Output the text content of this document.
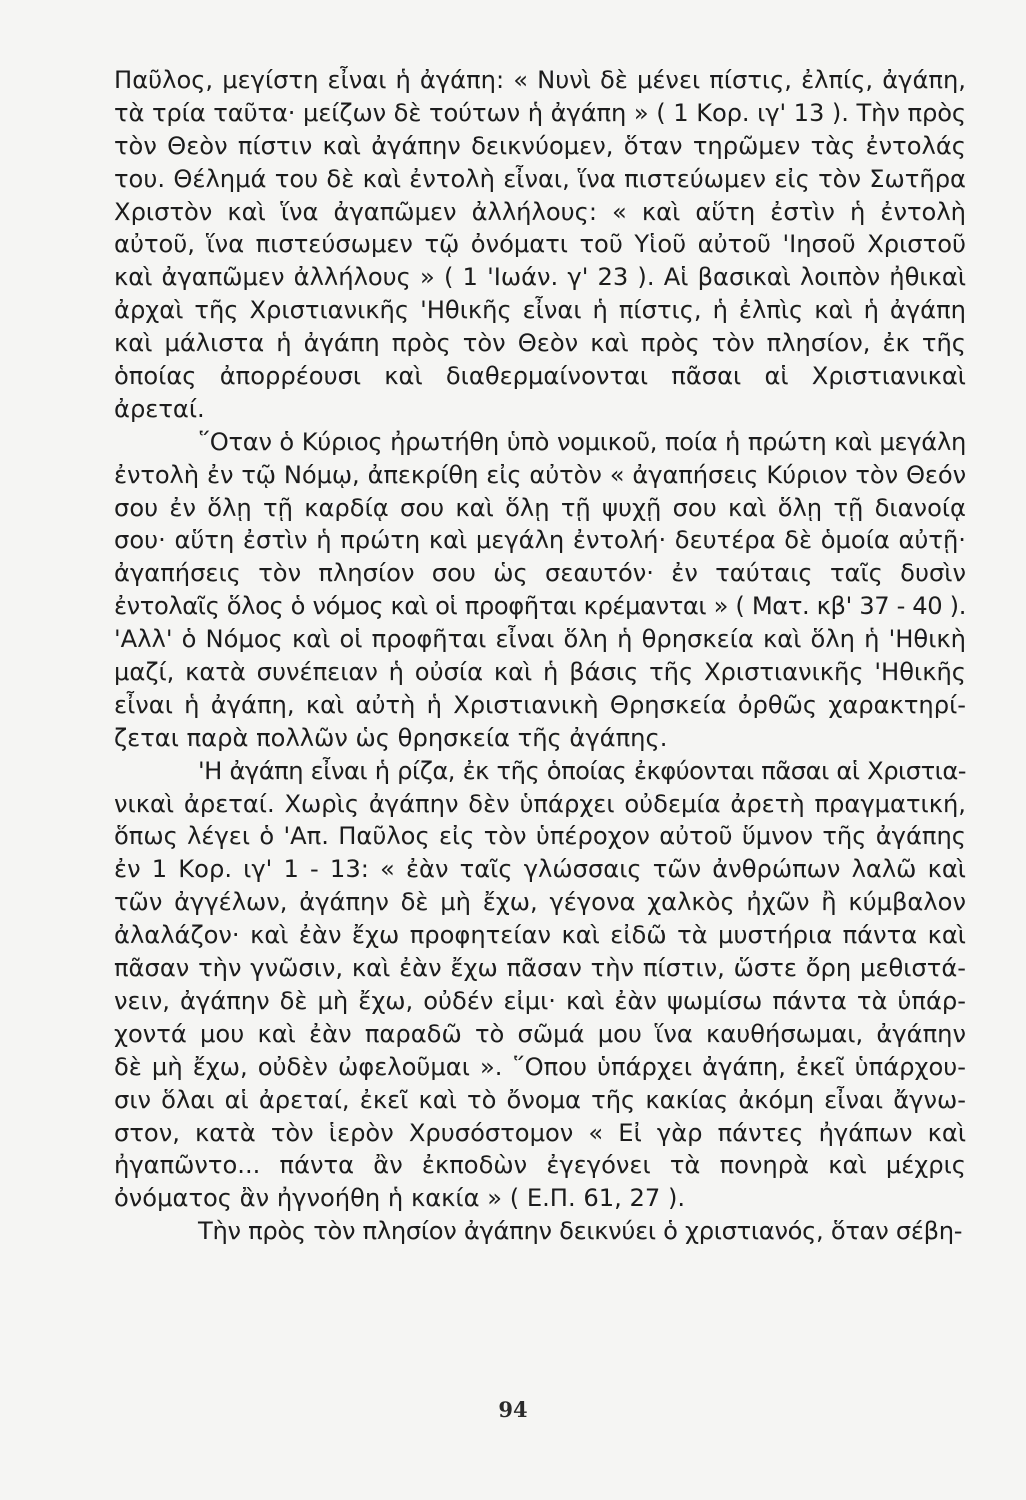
Παῦλος, μεγίστη εἶναι ἡ ἀγάπη: « Νυνὶ δὲ μένει πίστις, ἐλπίς, ἀγάπη,
τὰ τρία ταῦτα· μείζων δὲ τούτων ἡ ἀγάπη » ( 1 Κορ. ιγ' 13 ). Τὴν πρὸς
τὸν Θεὸν πίστιν καὶ ἀγάπην δεικνύομεν, ὅταν τηρῶμεν τὰς ἐντολάς
του. Θέλημά του δὲ καὶ ἐντολὴ εἶναι, ἵνα πιστεύωμεν εἰς τὸν Σωτῆρα
Χριστὸν καὶ ἵνα ἀγαπῶμεν ἀλλήλους: « καὶ αὕτη ἐστὶν ἡ ἐντολὴ
αὐτοῦ, ἵνα πιστεύσωμεν τῷ ὀνόματι τοῦ Υἱοῦ αὐτοῦ 'Ιησοῦ Χριστοῦ
καὶ ἀγαπῶμεν ἀλλήλους » ( 1 'Ιωάν. γ' 23 ). Αἱ βασικαὶ λοιπὸν ἠθικαὶ
ἀρχαὶ τῆς Χριστιανικῆς 'Ηθικῆς εἶναι ἡ πίστις, ἡ ἐλπὶς καὶ ἡ ἀγάπη
καὶ μάλιστα ἡ ἀγάπη πρὸς τὸν Θεὸν καὶ πρὸς τὸν πλησίον, ἐκ τῆς
ὁποίας ἀπορρέουσι καὶ διαθερμαίνονται πᾶσαι αἱ Χριστιανικαὶ
ἀρεταί.
῞Οταν ὁ Κύριος ἠρωτήθη ὑπὸ νομικοῦ, ποία ἡ πρώτη καὶ μεγάλη
ἐντολὴ ἐν τῷ Νόμῳ, ἀπεκρίθη εἰς αὐτὸν « ἀγαπήσεις Κύριον τὸν Θεόν
σου ἐν ὅλῃ τῇ καρδίᾳ σου καὶ ὅλῃ τῇ ψυχῇ σου καὶ ὅλῃ τῇ διανοίᾳ
σου· αὕτη ἐστὶν ἡ πρώτη καὶ μεγάλη ἐντολή· δευτέρα δὲ ὁμοία αὐτῇ·
ἀγαπήσεις τὸν πλησίον σου ὡς σεαυτόν· ἐν ταύταις ταῖς δυσὶν
ἐντολαῖς ὅλος ὁ νόμος καὶ οἱ προφῆται κρέμανται » ( Ματ. κβ' 37 - 40 ).
'Αλλ' ὁ Νόμος καὶ οἱ προφῆται εἶναι ὅλη ἡ θρησκεία καὶ ὅλη ἡ 'Ηθικὴ
μαζί, κατὰ συνέπειαν ἡ οὐσία καὶ ἡ βάσις τῆς Χριστιανικῆς 'Ηθικῆς
εἶναι ἡ ἀγάπη, καὶ αὐτὴ ἡ Χριστιανικὴ Θρησκεία ὀρθῶς χαρακτηρί-
ζεται παρὰ πολλῶν ὡς θρησκεία τῆς ἀγάπης.
'Η ἀγάπη εἶναι ἡ ρίζα, ἐκ τῆς ὁποίας ἐκφύονται πᾶσαι αἱ Χριστια-
νικαὶ ἀρεταί. Χωρὶς ἀγάπην δὲν ὑπάρχει οὐδεμία ἀρετὴ πραγματική,
ὅπως λέγει ὁ 'Απ. Παῦλος εἰς τὸν ὑπέροχον αὐτοῦ ὕμνον τῆς ἀγάπης
ἐν 1 Κορ. ιγ' 1 - 13: « ἐὰν ταῖς γλώσσαις τῶν ἀνθρώπων λαλῶ καὶ
τῶν ἀγγέλων, ἀγάπην δὲ μὴ ἔχω, γέγονα χαλκὸς ἠχῶν ἢ κύμβαλον
ἀλαλάζον· καὶ ἐὰν ἔχω προφητείαν καὶ εἰδῶ τὰ μυστήρια πάντα καὶ
πᾶσαν τὴν γνῶσιν, καὶ ἐὰν ἔχω πᾶσαν τὴν πίστιν, ὥστε ὄρη μεθιστά-
νειν, ἀγάπην δὲ μὴ ἔχω, οὐδέν εἰμι· καὶ ἐὰν ψωμίσω πάντα τὰ ὑπάρ-
χοντά μου καὶ ἐὰν παραδῶ τὸ σῶμά μου ἵνα καυθήσωμαι, ἀγάπην
δὲ μὴ ἔχω, οὐδὲν ὠφελοῦμαι ». ῞Οπου ὑπάρχει ἀγάπη, ἐκεῖ ὑπάρχου-
σιν ὅλαι αἱ ἀρεταί, ἐκεῖ καὶ τὸ ὄνομα τῆς κακίας ἀκόμη εἶναι ἄγνω-
στον, κατὰ τὸν ἱερὸν Χρυσόστομον « Εἰ γὰρ πάντες ἠγάπων καὶ
ἠγαπῶντο... πάντα ἂν ἐκποδὼν ἐγεγόνει τὰ πονηρὰ καὶ μέχρις
ὀνόματος ἂν ἠγνοήθη ἡ κακία » ( Ε.Π. 61, 27 ).
Τὴν πρὸς τὸν πλησίον ἀγάπην δεικνύει ὁ χριστιανός, ὅταν σέβη-
94
